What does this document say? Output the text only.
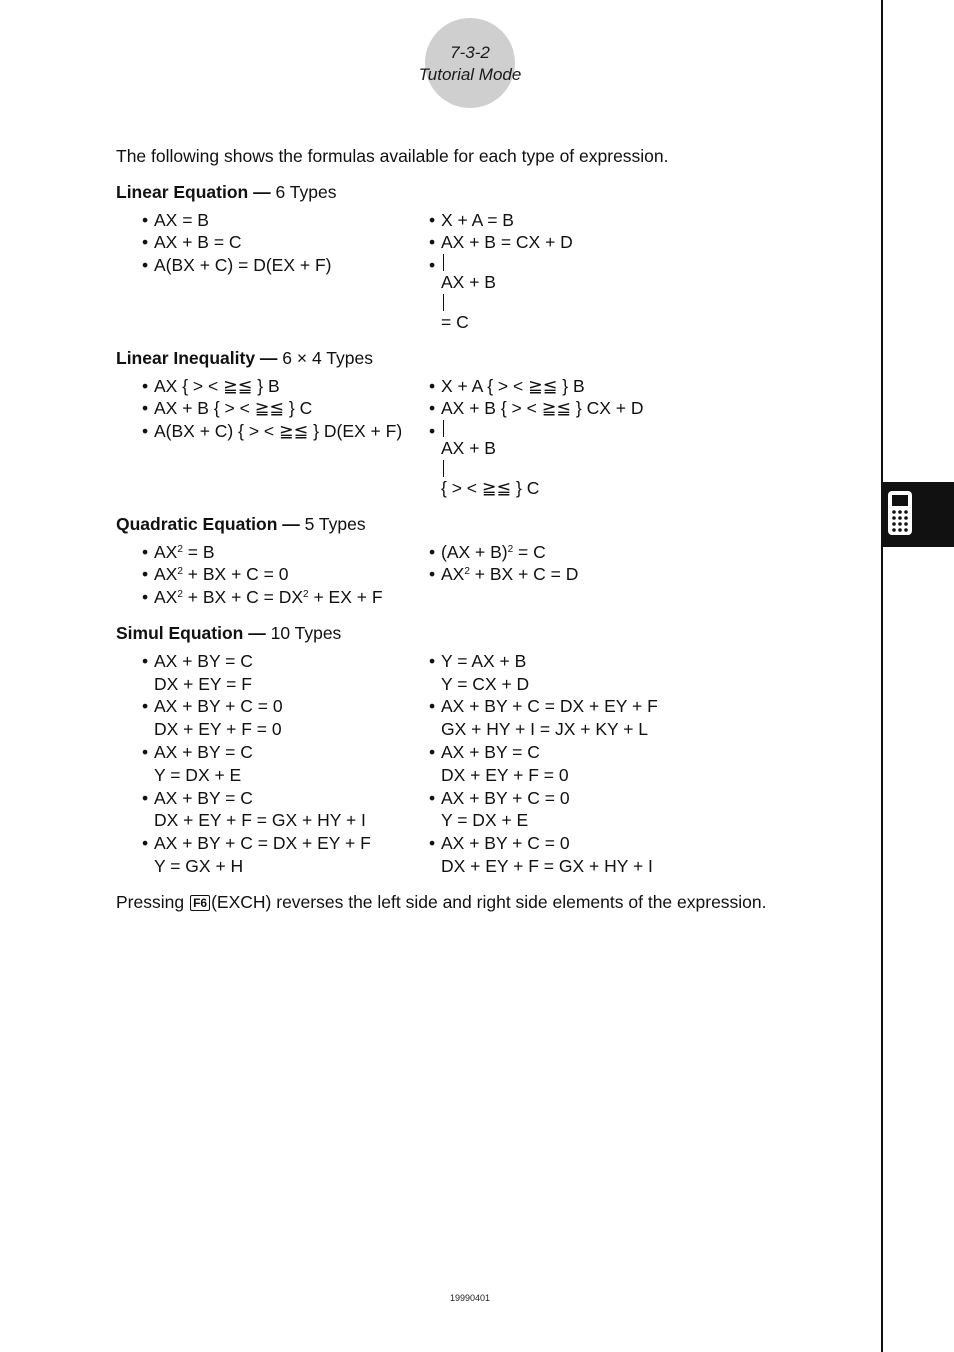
7-3-2
Tutorial Mode

The following shows the formulas available for each type of expression.

Linear Equation — 6 Types

• AX = B	• X + A = B
• AX + B = C	• AX + B = CX + D
• A(BX + C) = D(EX + F)	•
AX + B
= C

Linear Inequality — 6 × 4 Types

• AX { > < ≧≦ } B	• X + A { > < ≧≦ } B
• AX + B { > < ≧≦ } C	• AX + B { > < ≧≦ } CX + D
• A(BX + C) { > < ≧≦ } D(EX + F) •
AX + B
{ > < ≧≦ } C

Quadratic Equation — 5 Types

• $AX^2 = B$	• (AX + B)$^2$ = C
• $AX^2$ + BX + C = 0	• $AX^2$ + BX + C = D
• $AX^2$ + BX + $C = DX^2$ + EX + F

Simul Equation — 10 Types

• AX + BY = C
DX + EY = F
• Y = AX + B
Y = CX + D
• AX + BY + C = 0
DX + EY + F = 0
• AX + BY + C = DX + EY + F
GX + HY + I = JX + KY + L
• AX + BY = C
Y = DX + E
• AX + BY = C
DX + EY + F = 0
• AX + BY = C
DX + EY + F = GX + HY + I
• AX + BY + C = 0
Y = DX + E
• AX + BY + C = DX + EY + F
Y = GX + H
• AX + BY + C = 0
DX + EY + F = GX + HY + I

Pressing F6 (EXCH) reverses the left side and right side elements of the expression.

19990401
